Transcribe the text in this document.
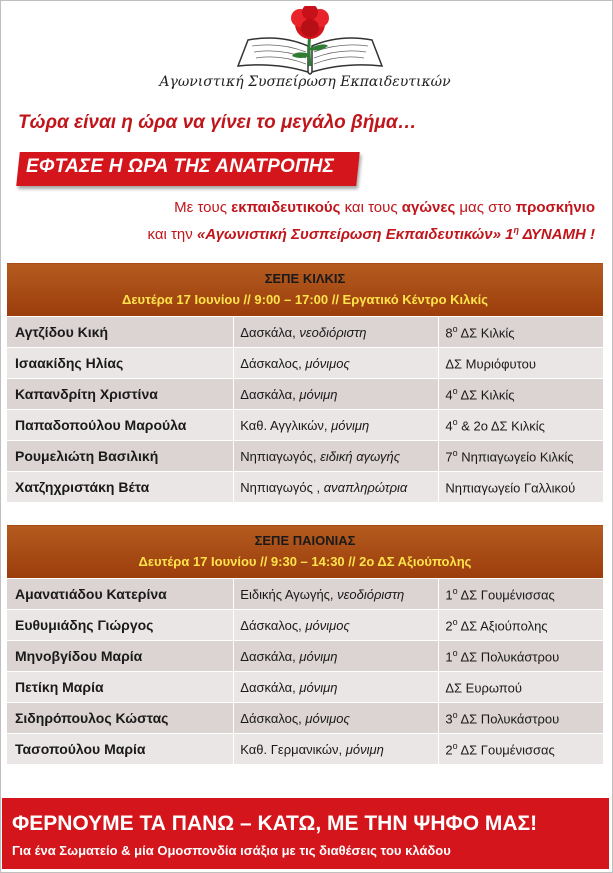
Αγωνιστική Συσπείρωση Εκπαιδευτικών
Τώρα είναι η ώρα να γίνει το μεγάλο βήμα…
ΕΦΤΑΣΕ Η ΩΡΑ ΤΗΣ ΑΝΑΤΡΟΠΗΣ
Με τους εκπαιδευτικούς και τους αγώνες μας στο προσκήνιο
και την «Αγωνιστική Συσπείρωση Εκπαιδευτικών» $1^\eta$ ΔΥΝΑΜΗ !
ΣΕΠΕ ΚΙΛΚΙΣ
Δευτέρα 17 Ιουνίου // 9:00 – 17:00 // Εργατικό Κέντρο Κιλκίς		

Αγτζίδου Κική	Δασκάλα, νεοδιόριστη	$8^o$ ΔΣ Κιλκίς
Ισαακίδης Ηλίας	Δάσκαλος, μόνιμος	ΔΣ Μυριόφυτου
Καπανδρίτη Χριστίνα	Δασκάλα, μόνιμη	$4^o$ ΔΣ Κιλκίς
Παπαδοπούλου Μαρούλα	Καθ. Αγγλικών, μόνιμη	$4^o$ & 2ο ΔΣ Κιλκίς
Ρουμελιώτη Βασιλική	Νηπιαγωγός, ειδική αγωγής	$7^o$ Νηπιαγωγείο Κιλκίς
Χατζηχριστάκη Βέτα	Νηπιαγωγός , αναπληρώτρια	Νηπιαγωγείο Γαλλικού
ΣΕΠΕ ΠΑΙΟΝΙΑΣ
Δευτέρα 17 Ιουνίου // 9:30 – 14:30 // 2ο ΔΣ Αξιούπολης		

Αμανατιάδου Κατερίνα	Ειδικής Αγωγής, νεοδιόριστη	$1^o$ ΔΣ Γουμένισσας
Ευθυμιάδης Γιώργος	Δάσκαλος, μόνιμος	$2^o$ ΔΣ Αξιούπολης
Μηνοβγίδου Μαρία	Δασκάλα, μόνιμη	$1^o$ ΔΣ Πολυκάστρου
Πετίκη Μαρία	Δασκάλα, μόνιμη	ΔΣ Ευρωπού
Σιδηρόπουλος Κώστας	Δάσκαλος, μόνιμος	$3^o$ ΔΣ Πολυκάστρου
Τασοπούλου Μαρία	Καθ. Γερμανικών, μόνιμη	$2^o$ ΔΣ Γουμένισσας
ΦΕΡΝΟΥΜΕ ΤΑ ΠΑΝΩ – ΚΑΤΩ, ΜΕ ΤΗΝ ΨΗΦΟ ΜΑΣ!
Για ένα Σωματείο & μία Ομοσπονδία ισάξια με τις διαθέσεις του κλάδου
